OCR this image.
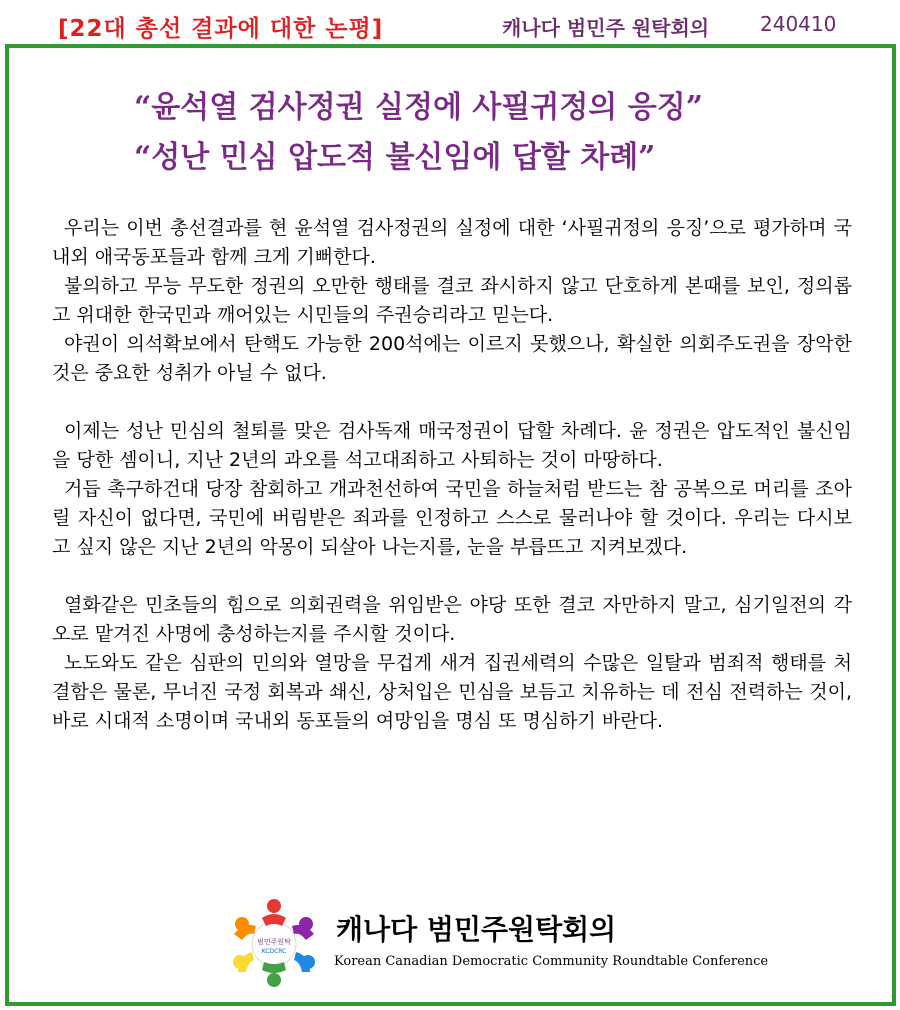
[22대 총선 결과에 대한 논평]	캐나다 범민주 원탁회의	240410
“윤석열 검사정권 실정에 사필귀정의 응징”
“성난 민심 압도적 불신임에 답할 차례”

우리는 이번 총선결과를 현 윤석열 검사정권의 실정에 대한 ‘사필귀정의 응징’으로 평가하며 국내외 애국동포들과 함께 크게 기뻐한다.

불의하고 무능 무도한 정권의 오만한 행태를 결코 좌시하지 않고 단호하게 본때를 보인, 정의롭고 위대한 한국민과 깨어있는 시민들의 주권승리라고 믿는다.

야권이 의석확보에서 탄핵도 가능한 200석에는 이르지 못했으나, 확실한 의회주도권을 장악한 것은 중요한 성취가 아닐 수 없다.

이제는 성난 민심의 철퇴를 맞은 검사독재 매국정권이 답할 차례다. 윤 정권은 압도적인 불신임을 당한 셈이니, 지난 2년의 과오를 석고대죄하고 사퇴하는 것이 마땅하다.

거듭 촉구하건대 당장 참회하고 개과천선하여 국민을 하늘처럼 받드는 참 공복으로 머리를 조아릴 자신이 없다면, 국민에 버림받은 죄과를 인정하고 스스로 물러나야 할 것이다. 우리는 다시보고 싶지 않은 지난 2년의 악몽이 되살아 나는지를, 눈을 부릅뜨고 지켜보겠다.

열화같은 민초들의 힘으로 의회권력을 위임받은 야당 또한 결코 자만하지 말고, 심기일전의 각오로 맡겨진 사명에 충성하는지를 주시할 것이다.

노도와도 같은 심판의 민의와 열망을 무겁게 새겨 집권세력의 수많은 일탈과 범죄적 행태를 처결함은 물론, 무너진 국정 회복과 쇄신, 상처입은 민심을 보듬고 치유하는 데 전심 전력하는 것이, 바로 시대적 소명이며 국내외 동포들의 여망임을 명심 또 명심하기 바란다.

범민주원탁
KCDCRC
캐나다 범민주원탁회의
Korean Canadian Democratic Community Roundtable Conference
